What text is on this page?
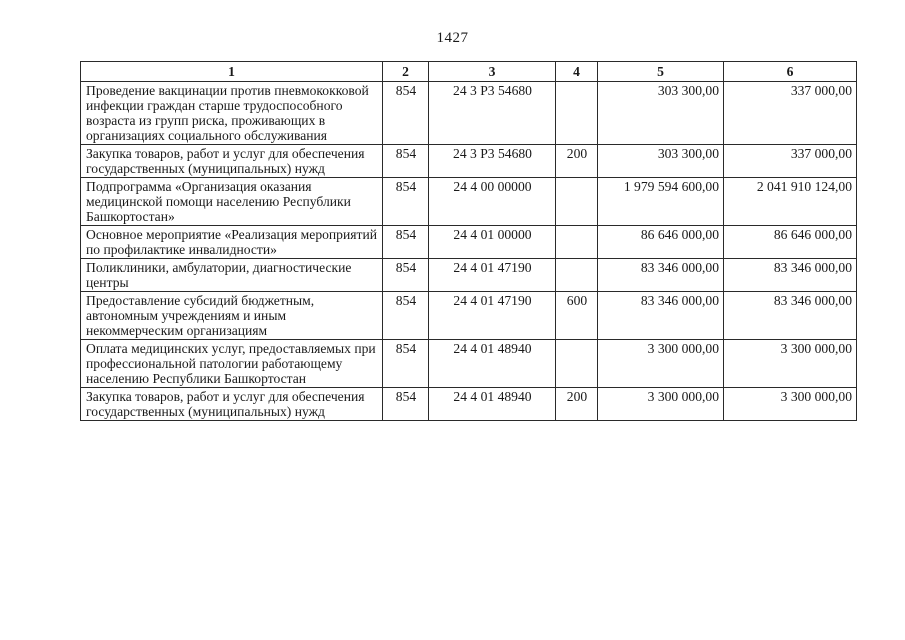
1427
1	2	3	4	5	6
Проведение вакцинации против пневмококковой инфекции граждан старше трудоспособного возраста из групп риска, проживающих в организациях социального обслуживания	854	24 3 P3 54680		303 300,00	337 000,00
Закупка товаров, работ и услуг для обеспечения государственных (муниципальных) нужд	854	24 3 P3 54680	200	303 300,00	337 000,00
Подпрограмма «Организация оказания медицинской помощи населению Республики Башкортостан»	854	24 4 00 00000		1 979 594 600,00	2 041 910 124,00
Основное мероприятие «Реализация мероприятий по профилактике инвалидности»	854	24 4 01 00000		86 646 000,00	86 646 000,00
Поликлиники, амбулатории, диагностические центры	854	24 4 01 47190		83 346 000,00	83 346 000,00
Предоставление субсидий бюджетным, автономным учреждениям и иным некоммерческим организациям	854	24 4 01 47190	600	83 346 000,00	83 346 000,00
Оплата медицинских услуг, предоставляемых при профессиональной патологии работающему населению Республики Башкортостан	854	24 4 01 48940		3 300 000,00	3 300 000,00
Закупка товаров, работ и услуг для обеспечения государственных (муниципальных) нужд	854	24 4 01 48940	200	3 300 000,00	3 300 000,00
